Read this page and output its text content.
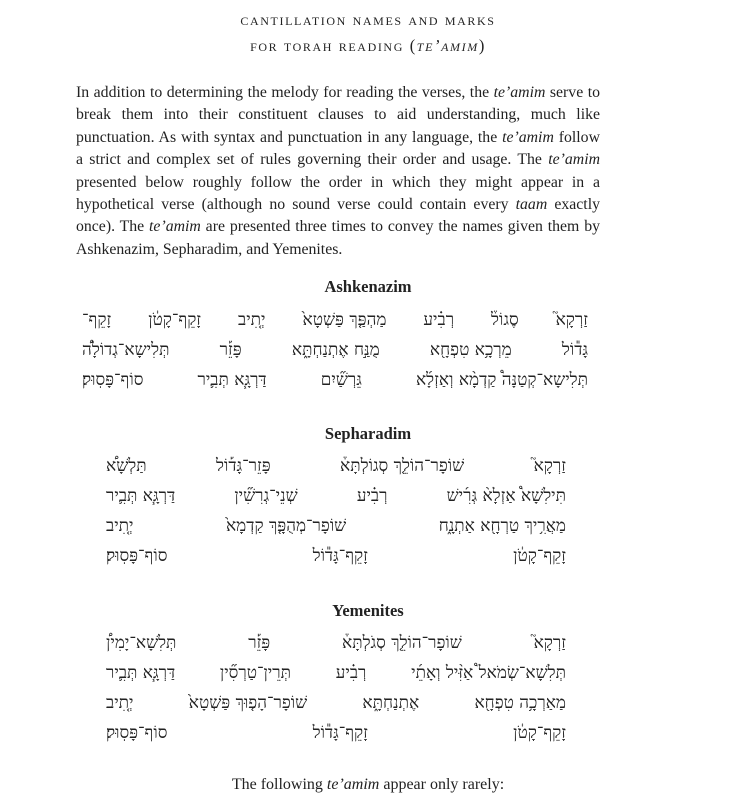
cantillation names and marks
for torah reading (te’amim)

In addition to determining the melody for reading the verses, the te’amim serve to break them into their constituent clauses to aid understanding, much like punctuation. As with syntax and punctuation in any language, the te’amim follow a strict and complex set of rules governing their order and usage. The te’amim presented below roughly follow the order in which they might appear in a hypothetical verse (although no sound verse could contain every taam exactly once). The te’amim are presented three times to convey the names given them by Ashkenazim, Sepharadim, and Yemenites.

Ashkenazim
זַרְקָא֮
סֶגוֹל֒
רְבִ֗יע
מַהְפַּ֤ךְ פַּשְׁטָא֙
יְתִ֚יב
זָקֵף־קָטֹ֔ן
זָקֵף־
גָּד֕וֹל
מֵרְכָ֥א טִפְחָ֖א
מֻנַּ֣ח אֶתְנַחְתָּ֑א
פָּזֵ֡ר
תְּלִישָא־גְדוֹלָה֠
תְּלִישָא־קְטַנָּה֩ קַדְמָ֨א וְאַזְלָ֜א
גֵּרְשַׁ֞יִם
דַּרְגָּ֧א תְּבִ֛יר
סוֹף־פָּסֽוּק׃
Sepharadim
זַרְקָא֮
שׁוֹפָר־הוֹלֵ֤ךְ סְגוֹלְתָּא֒
פָּזֵר־גָּד֡וֹל
תַּלְשָׁא֠
תִּילִשָׁא֩ אַזְלָא֨ גְּרִ֜ישׁ
רְבִ֗יע
שְׁנֵי־גְרִשִׁ֞ין
דַּרְגָּ֧א תְּבִ֛יר
מַאֲרִ֥יךְ טַרְחָ֖א אַתְנָ֑ח
שׁוֹפָר־מְהֻפָּ֤ךְ קַדְמָא֙
יְתִ֚יב
זָקֵף־קָטֹ֔ן
זָקֵף־גָּד֕וֹל
סוֹף־פָּסֽוּק׃
Yemenites
זַרְקָא֮
שׁוֹפָר־הוֹלֵ֤ךְ סְגֹלְתָּא֒
פָּזֵ֡ר
תְּלִשָׁא־יָמִין֠
תְּלִשָׁא־שְׂמֹאל֩ אַזִּ֨יל וְאָתֵ֜י
רְבִ֗יע
תְּרֵין־טַרְסִ֞ין
דַּרְגָּ֧א תְּבִ֛יר
מַאַרְכָ֥ה טִפְחָ֖א
אֶתְנַחְתָּ֑א
שׁוֹפָר־הָפ֤וּךְ פַּשְׁטָא֙
יְתִ֚יב
זָקֵף־קָטֹ֔ן
זָקֵף־גָּד֕וֹל
סוֹף־פָּסֽוּק׃
The following te’amim appear only rarely:
